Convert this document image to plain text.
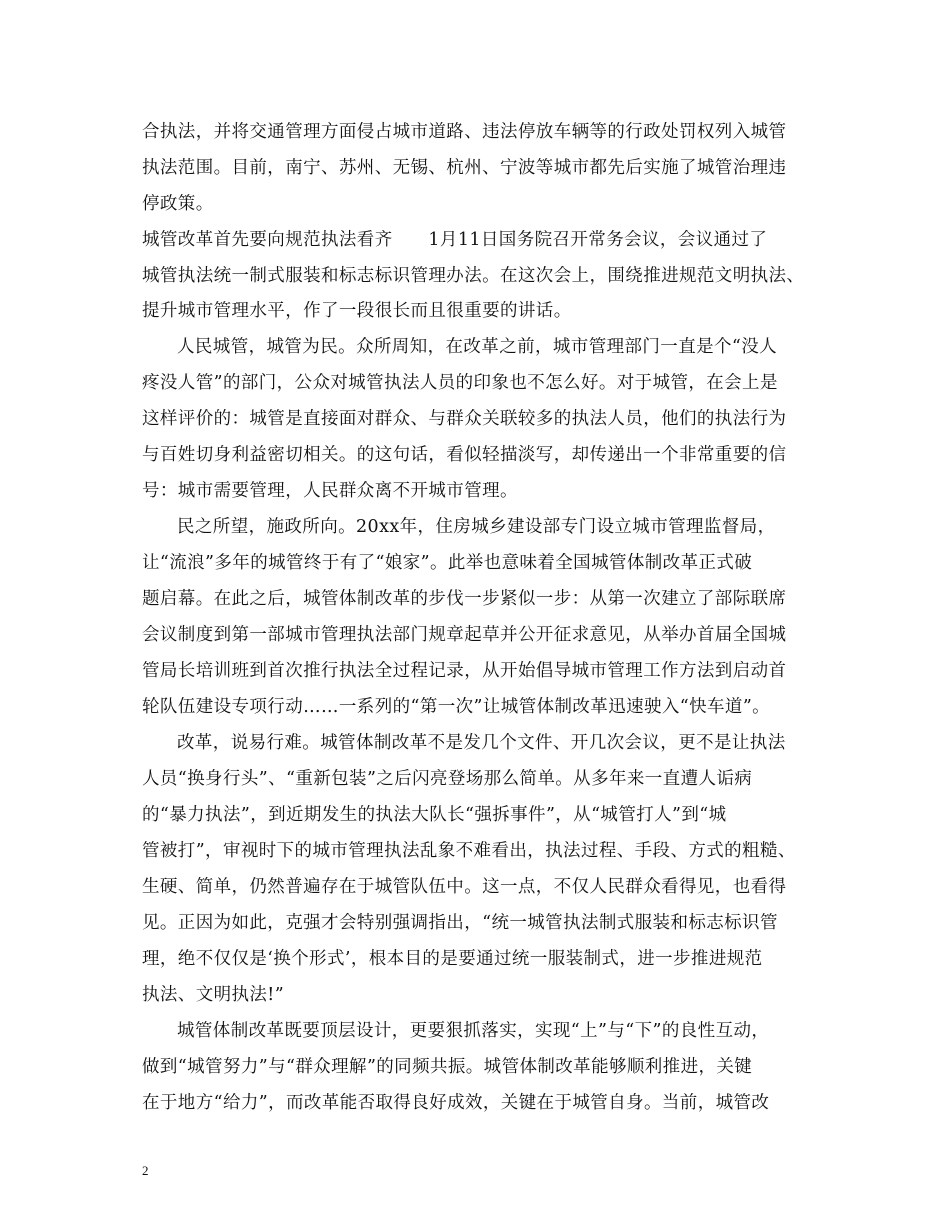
合执法，并将交通管理方面侵占城市道路、违法停放车辆等的行政处罚权列入城管
执法范围。目前，南宁、苏州、无锡、杭州、宁波等城市都先后实施了城管治理违
停政策。
城管改革首先要向规范执法看齐　　1月11日国务院召开常务会议，会议通过了
城管执法统一制式服装和标志标识管理办法。在这次会上，围绕推进规范文明执法、
提升城市管理水平，作了一段很长而且很重要的讲话。
人民城管，城管为民。众所周知，在改革之前，城市管理部门一直是个“没人
疼没人管”的部门，公众对城管执法人员的印象也不怎么好。对于城管，在会上是
这样评价的：城管是直接面对群众、与群众关联较多的执法人员，他们的执法行为
与百姓切身利益密切相关。的这句话，看似轻描淡写，却传递出一个非常重要的信
号：城市需要管理，人民群众离不开城市管理。
民之所望，施政所向。20xx年，住房城乡建设部专门设立城市管理监督局，
让“流浪”多年的城管终于有了“娘家”。此举也意味着全国城管体制改革正式破
题启幕。在此之后，城管体制改革的步伐一步紧似一步：从第一次建立了部际联席
会议制度到第一部城市管理执法部门规章起草并公开征求意见，从举办首届全国城
管局长培训班到首次推行执法全过程记录，从开始倡导城市管理工作方法到启动首
轮队伍建设专项行动……一系列的“第一次”让城管体制改革迅速驶入“快车道”。
改革，说易行难。城管体制改革不是发几个文件、开几次会议，更不是让执法
人员“换身行头”、“重新包装”之后闪亮登场那么简单。从多年来一直遭人诟病
的“暴力执法”，到近期发生的执法大队长“强拆事件”，从“城管打人”到“城
管被打”，审视时下的城市管理执法乱象不难看出，执法过程、手段、方式的粗糙、
生硬、简单，仍然普遍存在于城管队伍中。这一点，不仅人民群众看得见，也看得
见。正因为如此，克强才会特别强调指出，“统一城管执法制式服装和标志标识管
理，绝不仅仅是‘换个形式’，根本目的是要通过统一服装制式，进一步推进规范
执法、文明执法!”
城管体制改革既要顶层设计，更要狠抓落实，实现“上”与“下”的良性互动，
做到“城管努力”与“群众理解”的同频共振。城管体制改革能够顺利推进，关键
在于地方“给力”，而改革能否取得良好成效，关键在于城管自身。当前，城管改
2
